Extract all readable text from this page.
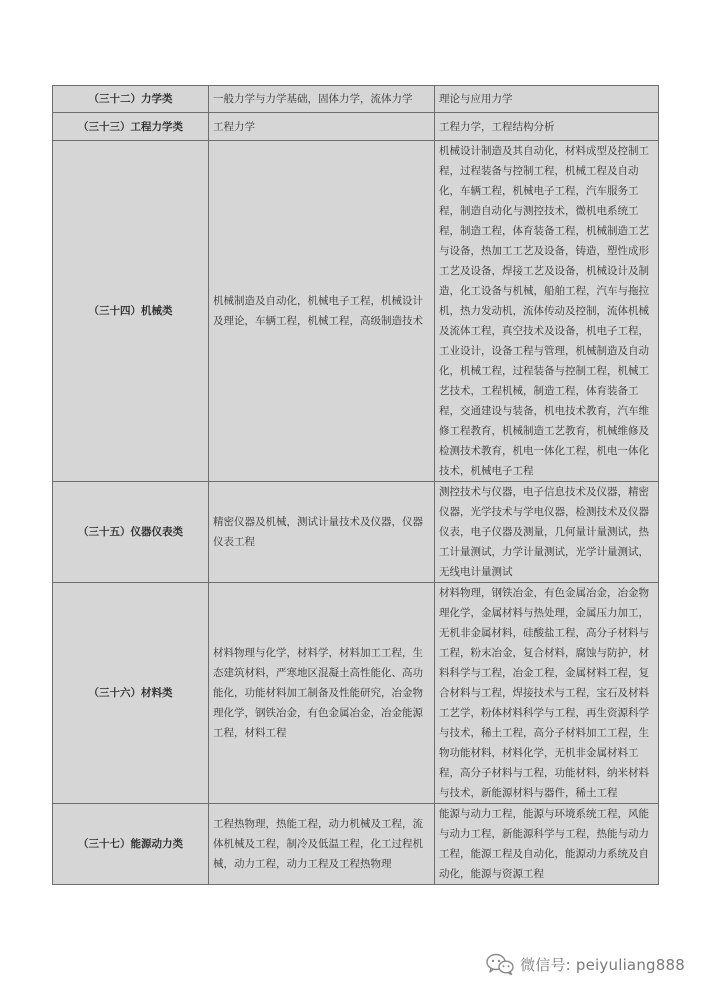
（三十二）力学类	一般力学与力学基础，固体力学，流体力学	理论与应用力学
（三十三）工程力学类	工程力学	工程力学，工程结构分析
（三十四）机械类	机械制造及自动化，机械电子工程，机械设计及理论，车辆工程，机械工程，高级制造技术	机械设计制造及其自动化，材料成型及控制工程，过程装备与控制工程，机械工程及自动化，车辆工程，机械电子工程，汽车服务工程，制造自动化与测控技术，微机电系统工程，制造工程，体育装备工程，机械制造工艺与设备，热加工工艺及设备，铸造，塑性成形工艺及设备，焊接工艺及设备，机械设计及制造，化工设备与机械，船舶工程，汽车与拖拉机，热力发动机，流体传动及控制，流体机械及流体工程，真空技术及设备，机电子工程，工业设计，设备工程与管理，机械制造及自动化，机械工程，过程装备与控制工程，机械工艺技术，工程机械，制造工程，体育装备工程，交通建设与装备，机电技术教育，汽车维修工程教育，机械制造工艺教育，机械维修及检测技术教育，机电一体化工程，机电一体化技术，机械电子工程
（三十五）仪器仪表类	精密仪器及机械，测试计量技术及仪器，仪器仪表工程	测控技术与仪器，电子信息技术及仪器，精密仪器，光学技术与学电仪器，检测技术及仪器仪表，电子仪器及测量，几何量计量测试，热工计量测试，力学计量测试，光学计量测试，无线电计量测试
（三十六）材料类	材料物理与化学，材料学，材料加工工程，生态建筑材料，严寒地区混凝土高性能化、高功能化，功能材料加工制备及性能研究，冶金物理化学，钢铁冶金，有色金属冶金，冶金能源工程，材料工程	材料物理，钢铁冶金，有色金属冶金，冶金物理化学，金属材料与热处理，金属压力加工，无机非金属材料，硅酸盐工程，高分子材料与工程，粉末冶金，复合材料，腐蚀与防护，材料科学与工程，冶金工程，金属材料工程，复合材料与工程，焊接技术与工程，宝石及材料工艺学，粉体材料科学与工程，再生资源科学与技术，稀土工程，高分子材料加工工程，生物功能材料，材料化学，无机非金属材料工程，高分子材料与工程，功能材料，纳米材料与技术，新能源材料与器件，稀土工程
（三十七）能源动力类	工程热物理，热能工程，动力机械及工程，流体机械及工程，制冷及低温工程，化工过程机械，动力工程，动力工程及工程热物理	能源与动力工程，能源与环境系统工程，风能与动力工程，新能源科学与工程，热能与动力工程，能源工程及自动化，能源动力系统及自动化，能源与资源工程
微信号: peiyuliang888
